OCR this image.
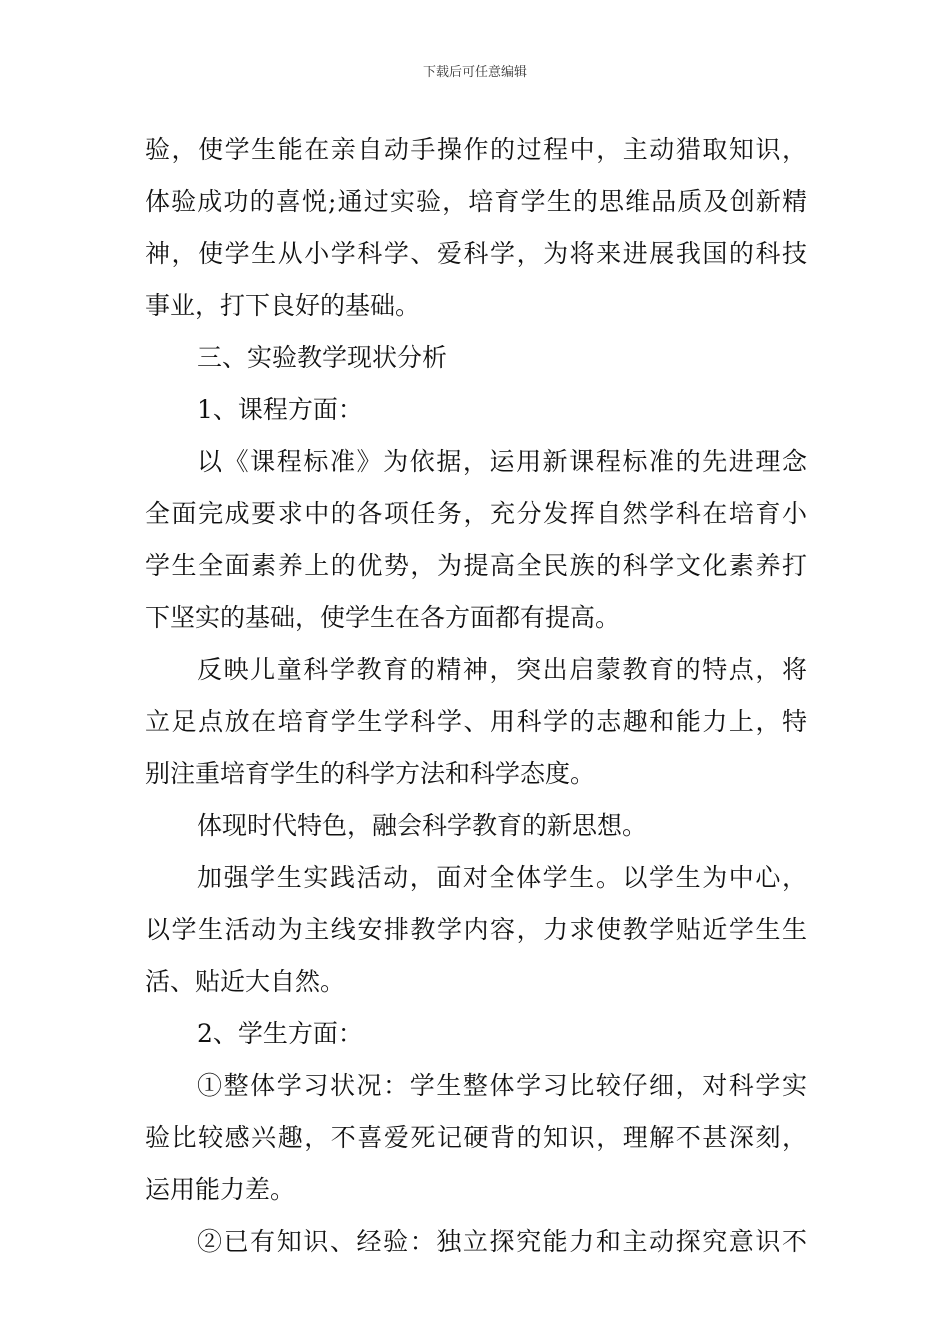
下载后可任意编辑
验，使学生能在亲自动手操作的过程中，主动猎取知识，
体验成功的喜悦;通过实验，培育学生的思维品质及创新精
神，使学生从小学科学、爱科学，为将来进展我国的科技
事业，打下良好的基础。
三、实验教学现状分析
1、课程方面：
以《课程标准》为依据，运用新课程标准的先进理念
全面完成要求中的各项任务，充分发挥自然学科在培育小
学生全面素养上的优势，为提高全民族的科学文化素养打
下坚实的基础，使学生在各方面都有提高。
反映儿童科学教育的精神，突出启蒙教育的特点，将
立足点放在培育学生学科学、用科学的志趣和能力上，特
别注重培育学生的科学方法和科学态度。
体现时代特色，融会科学教育的新思想。
加强学生实践活动，面对全体学生。以学生为中心，
以学生活动为主线安排教学内容，力求使教学贴近学生生
活、贴近大自然。
2、学生方面：
①整体学习状况：学生整体学习比较仔细，对科学实
验比较感兴趣，不喜爱死记硬背的知识，理解不甚深刻，
运用能力差。
②已有知识、经验：独立探究能力和主动探究意识不
